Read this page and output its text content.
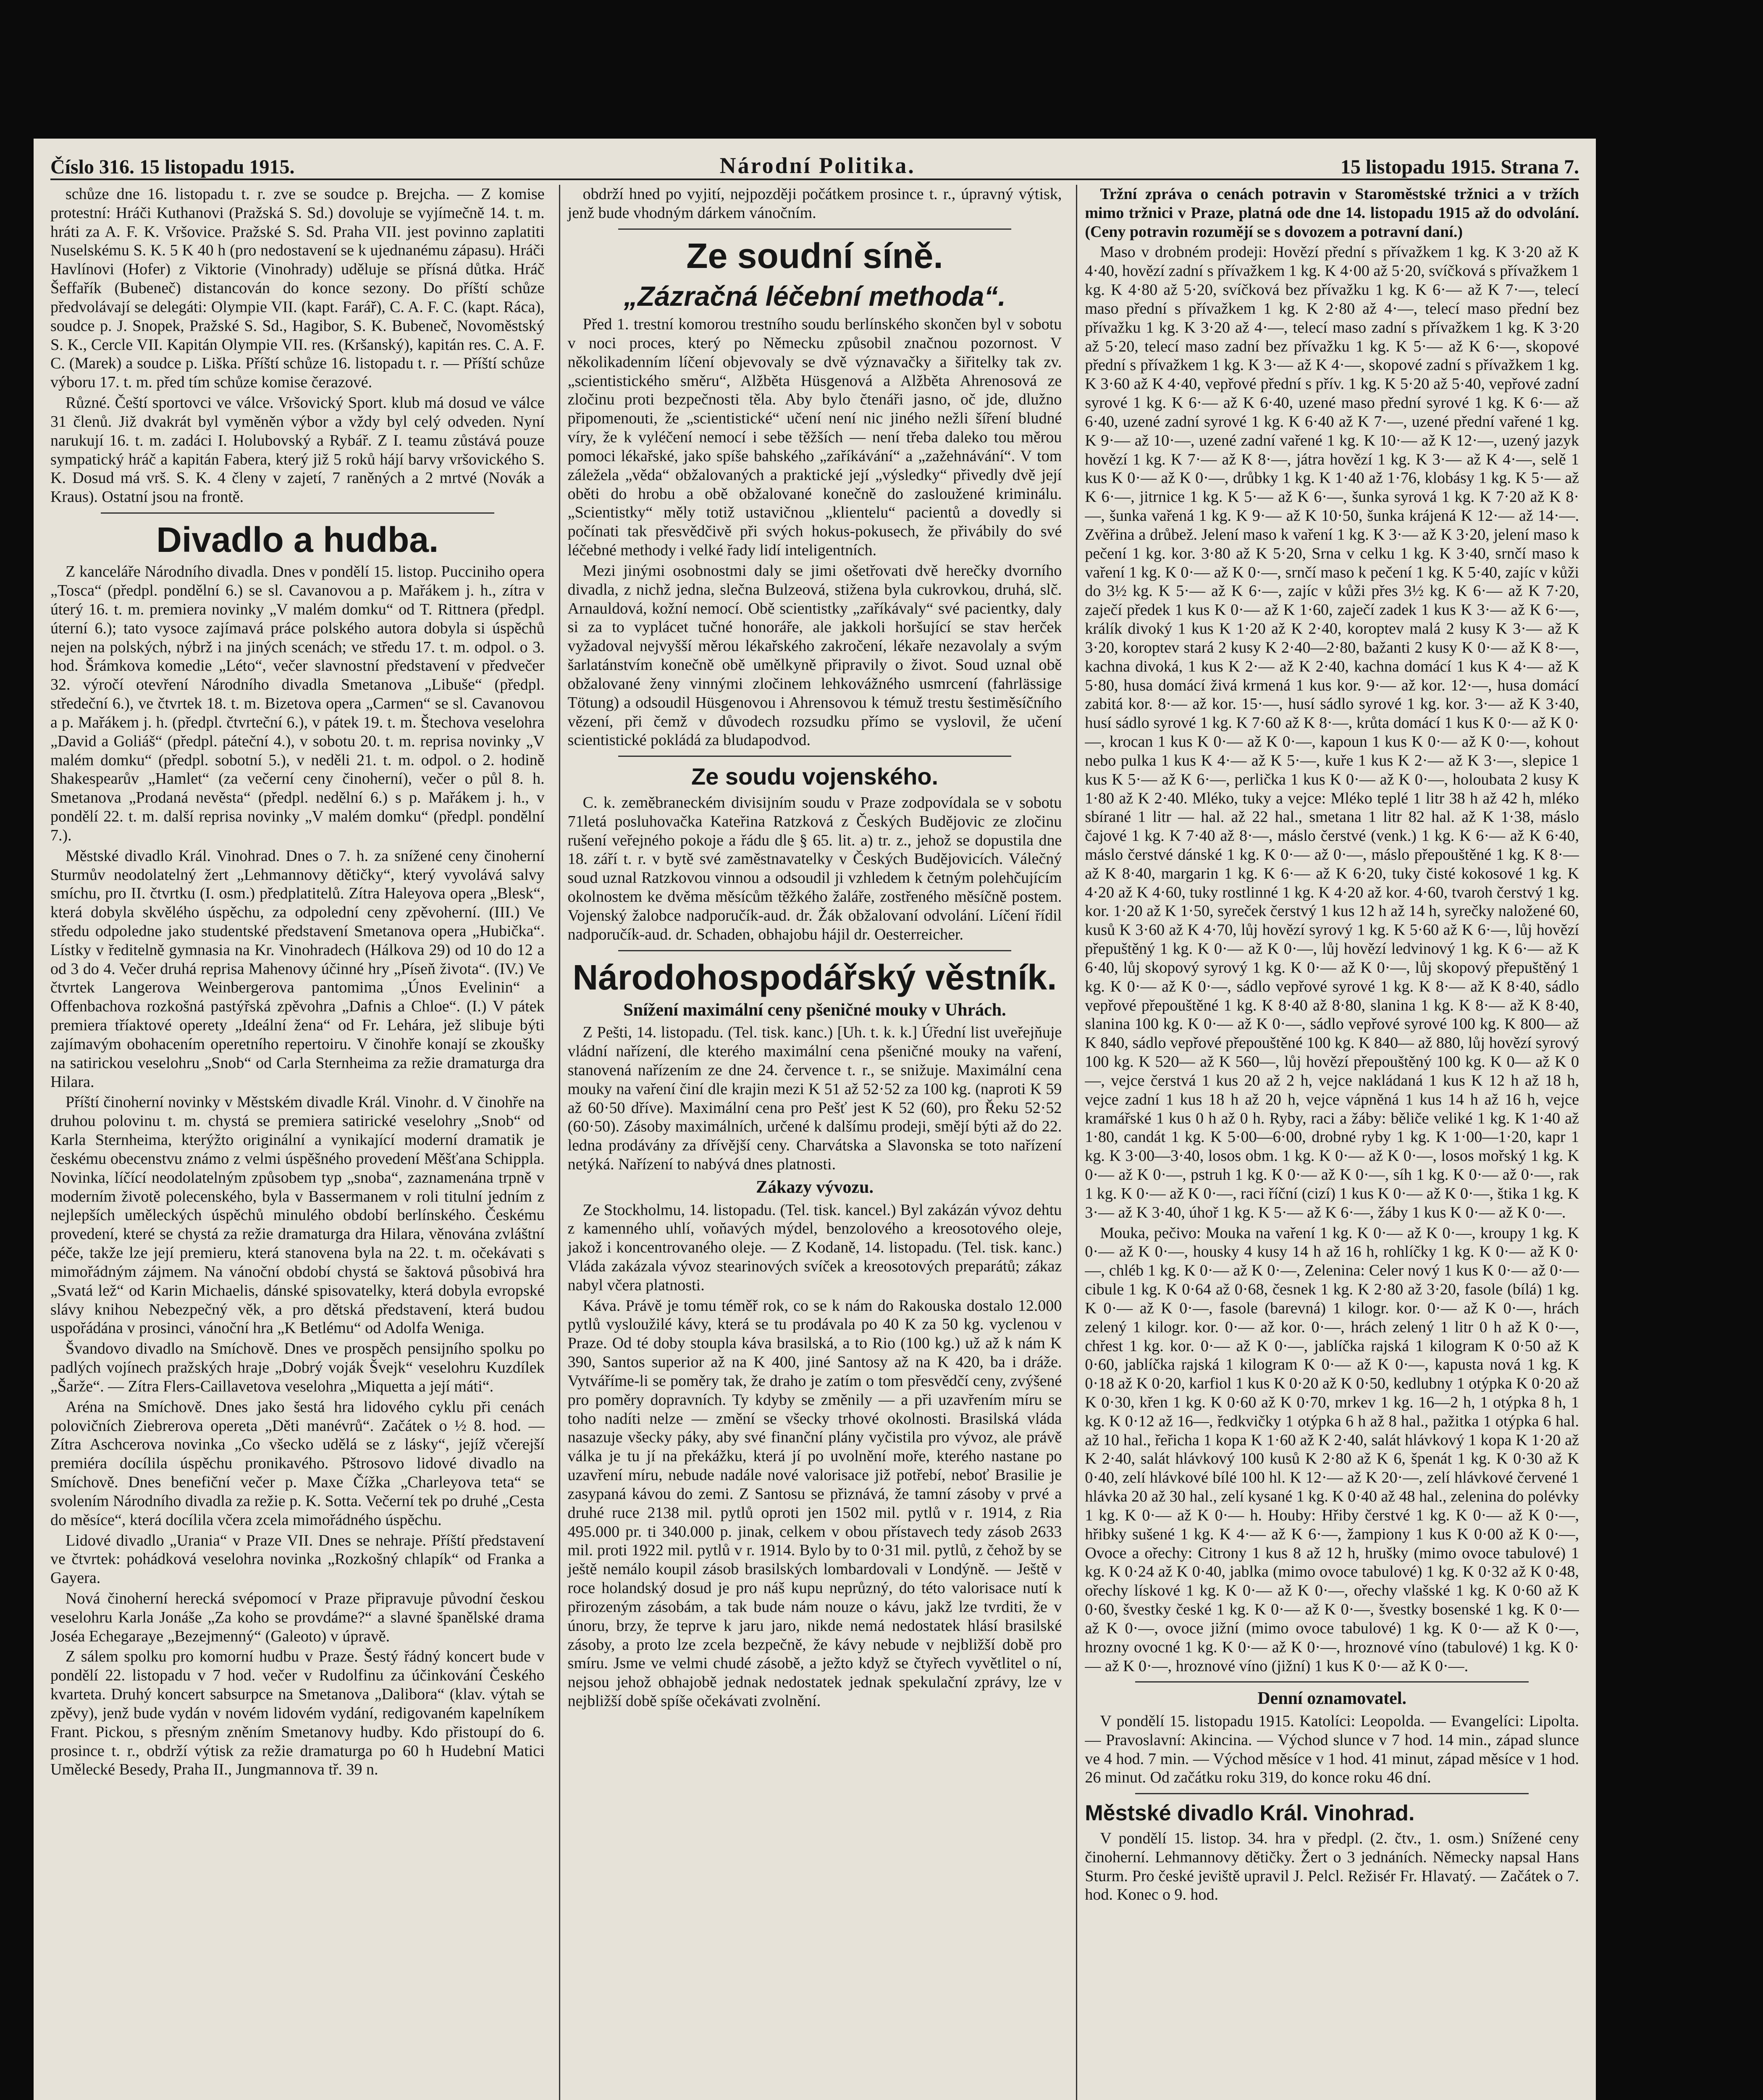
Číslo 316. 15 listopadu 1915.	Národní Politika.	15 listopadu 1915. Strana 7.

schůze dne 16. listopadu t. r. zve se soudce p. Brejcha. — Z komise protestní: Hráči Kuthanovi (Pražská S. Sd.) dovoluje se vyjímečně 14. t. m. hráti za A. F. K. Vršovice. Pražské S. Sd. Praha VII. jest povinno zaplatiti Nuselskému S. K. 5 K 40 h (pro nedostavení se k ujednanému zápasu). Hráči Havlínovi (Hofer) z Viktorie (Vinohrady) uděluje se přísná důtka. Hráč Šeffařík (Bubeneč) distancován do konce sezony. Do příští schůze předvolávají se delegáti: Olympie VII. (kapt. Farář), C. A. F. C. (kapt. Ráca), soudce p. J. Snopek, Pražské S. Sd., Hagibor, S. K. Bubeneč, Novoměstský S. K., Cercle VII. Kapitán Olympie VII. res. (Kršanský), kapitán res. C. A. F. C. (Marek) a soudce p. Liška. Příští schůze 16. listopadu t. r. — Příští schůze výboru 17. t. m. před tím schůze komise čerazové.

Různé. Čeští sportovci ve válce. Vršovický Sport. klub má dosud ve válce 31 členů. Již dvakrát byl vyměněn výbor a vždy byl celý odveden. Nyní narukují 16. t. m. zadáci I. Holubovský a Rybář. Z I. teamu zůstává pouze sympatický hráč a kapitán Fabera, který již 5 roků hájí barvy vršovického S. K. Dosud má vrš. S. K. 4 členy v zajetí, 7 raněných a 2 mrtvé (Novák a Kraus). Ostatní jsou na frontě.

Divadlo a hudba.

Z kanceláře Národního divadla. Dnes v pondělí 15. listop. Pucciniho opera „Tosca“ (předpl. pondělní 6.) se sl. Cavanovou a p. Mařákem j. h., zítra v úterý 16. t. m. premiera novinky „V malém domku“ od T. Rittnera (předpl. úterní 6.); tato vysoce zajímavá práce polského autora dobyla si úspěchů nejen na polských, nýbrž i na jiných scenách; ve středu 17. t. m. odpol. o 3. hod. Šrámkova komedie „Léto“, večer slavnostní představení v předvečer 32. výročí otevření Národního divadla Smetanova „Libuše“ (předpl. středeční 6.), ve čtvrtek 18. t. m. Bizetova opera „Carmen“ se sl. Cavanovou a p. Mařákem j. h. (předpl. čtvrteční 6.), v pátek 19. t. m. Štechova veselohra „David a Goliáš“ (předpl. páteční 4.), v sobotu 20. t. m. reprisa novinky „V malém domku“ (předpl. sobotní 5.), v neděli 21. t. m. odpol. o 2. hodině Shakespearův „Hamlet“ (za večerní ceny činoherní), večer o půl 8. h. Smetanova „Prodaná nevěsta“ (předpl. nedělní 6.) s p. Mařákem j. h., v pondělí 22. t. m. další reprisa novinky „V malém domku“ (předpl. pondělní 7.).

Městské divadlo Král. Vinohrad. Dnes o 7. h. za snížené ceny činoherní Sturmův neodolatelný žert „Lehmannovy dětičky“, který vyvolává salvy smíchu, pro II. čtvrtku (I. osm.) předplatitelů. Zítra Haleyova opera „Blesk“, která dobyla skvělého úspěchu, za odpolední ceny zpěvoherní. (III.) Ve středu odpoledne jako studentské představení Smetanova opera „Hubička“. Lístky v ředitelně gymnasia na Kr. Vinohradech (Hálkova 29) od 10 do 12 a od 3 do 4. Večer druhá reprisa Mahenovy účinné hry „Píseň života“. (IV.) Ve čtvrtek Langerova Weinbergerova pantomima „Únos Evelinin“ a Offenbachova rozkošná pastýřská zpěvohra „Dafnis a Chloe“. (I.) V pátek premiera tříaktové operety „Ideální žena“ od Fr. Lehára, jež slibuje býti zajímavým obohacením operetního repertoiru. V činohře konají se zkoušky na satirickou veselohru „Snob“ od Carla Sternheima za režie dramaturga dra Hilara.

Příští činoherní novinky v Městském divadle Král. Vinohr. d. V činohře na druhou polovinu t. m. chystá se premiera satirické veselohry „Snob“ od Karla Sternheima, kterýžto originální a vynikající moderní dramatik je českému obecenstvu známo z velmi úspěšného provedení Měšťana Schippla. Novinka, líčící neodolatelným způsobem typ „snoba“, zaznamenána trpně v moderním životě polecenského, byla v Bassermanem v roli titulní jedním z nejlepších uměleckých úspěchů minulého období berlínského. Českému provedení, které se chystá za režie dramaturga dra Hilara, věnována zvláštní péče, takže lze její premieru, která stanovena byla na 22. t. m. očekávati s mimořádným zájmem. Na vánoční období chystá se šaktová působivá hra „Svatá lež“ od Karin Michaelis, dánské spisovatelky, která dobyla evropské slávy knihou Nebezpečný věk, a pro dětská představení, která budou uspořádána v prosinci, vánoční hra „K Betlému“ od Adolfa Weniga.

Švandovo divadlo na Smíchově. Dnes ve prospěch pensijního spolku po padlých vojínech pražských hraje „Dobrý voják Švejk“ veselohru Kuzdílek „Šarže“. — Zítra Flers-Caillavetova veselohra „Miquetta a její máti“.

Aréna na Smíchově. Dnes jako šestá hra lidového cyklu při cenách polovičních Ziebrerova opereta „Děti manévrů“. Začátek o ½ 8. hod. — Zítra Aschcerova novinka „Co všecko udělá se z lásky“, jejíž včerejší premiéra docílila úspěchu pronikavého. Pštrosovo lidové divadlo na Smíchově. Dnes benefiční večer p. Maxe Čížka „Charleyova teta“ se svolením Národního divadla za režie p. K. Sotta. Večerní tek po druhé „Cesta do měsíce“, která docílila včera zcela mimořádného úspěchu.

Lidové divadlo „Urania“ v Praze VII. Dnes se nehraje. Příští představení ve čtvrtek: pohádková veselohra novinka „Rozkošný chlapík“ od Franka a Gayera.

Nová činoherní herecká svépomocí v Praze připravuje původní českou veselohru Karla Jonáše „Za koho se provdáme?“ a slavné španělské drama Joséa Echegaraye „Bezejmenný“ (Galeoto) v úpravě.

Z sálem spolku pro komorní hudbu v Praze. Šestý řádný koncert bude v pondělí 22. listopadu v 7 hod. večer v Rudolfinu za účinkování Českého kvarteta. Druhý koncert sabsurpce na Smetanova „Dalibora“ (klav. výtah se zpěvy), jenž bude vydán v novém lidovém vydání, redigovaném kapelníkem Frant. Pickou, s přesným zněním Smetanovy hudby. Kdo přistoupí do 6. prosince t. r., obdrží výtisk za režie dramaturga po 60 h Hudební Matici Umělecké Besedy, Praha II., Jungmannova tř. 39 n.

obdrží hned po vyjití, nejpozději počátkem prosince t. r., úpravný výtisk, jenž bude vhodným dárkem vánočním.

Ze soudní síně.
„Zázračná léčební methoda“.

Před 1. trestní komorou trestního soudu berlínského skončen byl v sobotu v noci proces, který po Německu způsobil značnou pozornost. V několikadenním líčení objevovaly se dvě význavačky a šiřitelky tak zv. „scientistického směru“, Alžběta Hüsgenová a Alžběta Ahrenosová ze zločinu proti bezpečnosti těla. Aby bylo čtenáři jasno, oč jde, dlužno připomenouti, že „scientistické“ učení není nic jiného nežli šíření bludné víry, že k vyléčení nemocí i sebe těžších — není třeba daleko tou měrou pomoci lékařské, jako spíše bahského „zaříkávání“ a „zažehnávání“. V tom záležela „věda“ obžalovaných a praktické její „výsledky“ přivedly dvě její oběti do hrobu a obě obžalované konečně do zasloužené kriminálu. „Scientistky“ měly totiž ustavičnou „klientelu“ pacientů a dovedly si počínati tak přesvědčivě při svých hokus-pokusech, že přivábily do své léčebné methody i velké řady lidí inteligentních.

Mezi jinými osobnostmi daly se jimi ošetřovati dvě herečky dvorního divadla, z nichž jedna, slečna Bulzeová, stižena byla cukrovkou, druhá, slč. Arnauldová, kožní nemocí. Obě scientistky „zaříkávaly“ své pacientky, daly si za to vyplácet tučné honoráře, ale jakkoli horšující se stav herček vyžadoval nejvyšší měrou lékařského zakročení, lékaře nezavolaly a svým šarlatánstvím konečně obě umělkyně připravily o život. Soud uznal obě obžalované ženy vinnými zločinem lehkovážného usmrcení (fahrlässige Tötung) a odsoudil Hüsgenovou i Ahrensovou k témuž trestu šestiměsíčního vězení, při čemž v důvodech rozsudku přímo se vyslovil, že učení scientistické pokládá za bludapodvod.

Ze soudu vojenského.

C. k. zeměbraneckém divisijním soudu v Praze zodpovídala se v sobotu 71letá posluhovačka Kateřina Ratzková z Českých Budějovic ze zločinu rušení veřejného pokoje a řádu dle § 65. lit. a) tr. z., jehož se dopustila dne 18. září t. r. v bytě své zaměstnavatelky v Českých Budějovicích. Válečný soud uznal Ratzkovou vinnou a odsoudil ji vzhledem k četným polehčujícím okolnostem ke dvěma měsícům těžkého žaláře, zostřeného měsíčně postem. Vojenský žalobce nadporučík-aud. dr. Žák obžalovaní odvolání. Líčení řídil nadporučík-aud. dr. Schaden, obhajobu hájil dr. Oesterreicher.

Národohospodářský věstník.
Snížení maximální ceny pšeničné mouky v Uhrách.

Z Pešti, 14. listopadu. (Tel. tisk. kanc.) [Uh. t. k. k.] Úřední list uveřejňuje vládní nařízení, dle kterého maximální cena pšeničné mouky na vaření, stanovená nařízením ze dne 24. července t. r., se snižuje. Maximální cena mouky na vaření činí dle krajin mezi K 51 až 52·52 za 100 kg. (naproti K 59 až 60·50 dříve). Maximální cena pro Pešť jest K 52 (60), pro Řeku 52·52 (60·50). Zásoby maximálních, určené k dalšímu prodeji, smějí býti až do 22. ledna prodávány za dřívější ceny. Charvátska a Slavonska se toto nařízení netýká. Nařízení to nabývá dnes platnosti.

Zákazy vývozu.

Ze Stockholmu, 14. listopadu. (Tel. tisk. kancel.) Byl zakázán vývoz dehtu z kamenného uhlí, voňavých mýdel, benzolového a kreosotového oleje, jakož i koncentrovaného oleje. — Z Kodaně, 14. listopadu. (Tel. tisk. kanc.) Vláda zakázala vývoz stearinových svíček a kreosotových preparátů; zákaz nabyl včera platnosti.

Káva. Právě je tomu téměř rok, co se k nám do Rakouska dostalo 12.000 pytlů vysloužilé kávy, která se tu prodávala po 40 K za 50 kg. vyclenou v Praze. Od té doby stoupla káva brasilská, a to Rio (100 kg.) už až k nám K 390, Santos superior až na K 400, jiné Santosy až na K 420, ba i dráže. Vytváříme-li se poměry tak, že draho je zatím o tom přesvědčí ceny, zvýšené pro poměry dopravních. Ty kdyby se změnily — a při uzavřením míru se toho nadíti nelze — změní se všecky trhové okolnosti. Brasilská vláda nasazuje všecky páky, aby své finanční plány vyčistila pro vývoz, ale právě válka je tu jí na překážku, která jí po uvolnění moře, kterého nastane po uzavření míru, nebude nadále nové valorisace již potřebí, neboť Brasilie je zasypaná kávou do zemi. Z Santosu se přiznává, že tamní zásoby v prvé a druhé ruce 2138 mil. pytlů oproti jen 1502 mil. pytlů v r. 1914, z Ria 495.000 pr. ti 340.000 p. jinak, celkem v obou přístavech tedy zásob 2633 mil. proti 1922 mil. pytlů v r. 1914. Bylo by to 0·31 mil. pytlů, z čehož by se ještě nemálo koupil zásob brasilských lombardovali v Londýně. — Ještě v roce holandský dosud je pro náš kupu neprůzný, do této valorisace nutí k přirozeným zásobám, a tak bude nám nouze o kávu, jakž lze tvrditi, že v únoru, brzy, že teprve k jaru jaro, nikde nemá nedostatek hlásí brasilské zásoby, a proto lze zcela bezpečně, že kávy nebude v nejbližší době pro smíru. Jsme ve velmi chudé zásobě, a ježto když se čtyřech vyvětlitel o ní, nejsou jehož obhajobě jednak nedostatek jednak spekulační zprávy, lze v nejbližší době spíše očekávati zvolnění.

Tržní zpráva o cenách potravin v Staroměstské tržnici a v tržích mimo tržnici v Praze, platná ode dne 14. listopadu 1915 až do odvolání. (Ceny potravin rozumějí se s dovozem a potravní daní.)

Maso v drobném prodeji: Hovězí přední s přívažkem 1 kg. K 3·20 až K 4·40, hovězí zadní s přívažkem 1 kg. K 4·00 až 5·20, svíčková s přívažkem 1 kg. K 4·80 až 5·20, svíčková bez přívažku 1 kg. K 6·— až K 7·—, telecí maso přední s přívažkem 1 kg. K 2·80 až 4·—, telecí maso přední bez přívažku 1 kg. K 3·20 až 4·—, telecí maso zadní s přívažkem 1 kg. K 3·20 až 5·20, telecí maso zadní bez přívažku 1 kg. K 5·— až K 6·—, skopové přední s přívažkem 1 kg. K 3·— až K 4·—, skopové zadní s přívažkem 1 kg. K 3·60 až K 4·40, vepřové přední s přív. 1 kg. K 5·20 až 5·40, vepřové zadní syrové 1 kg. K 6·— až K 6·40, uzené maso přední syrové 1 kg. K 6·— až 6·40, uzené zadní syrové 1 kg. K 6·40 až K 7·—, uzené přední vařené 1 kg. K 9·— až 10·—, uzené zadní vařené 1 kg. K 10·— až K 12·—, uzený jazyk hovězí 1 kg. K 7·— až K 8·—, játra hovězí 1 kg. K 3·— až K 4·—, selě 1 kus K 0·— až K 0·—, drůbky 1 kg. K 1·40 až 1·76, klobásy 1 kg. K 5·— až K 6·—, jitrnice 1 kg. K 5·— až K 6·—, šunka syrová 1 kg. K 7·20 až K 8·—, šunka vařená 1 kg. K 9·— až K 10·50, šunka krájená K 12·— až 14·—. Zvěřina a drůbež. Jelení maso k vaření 1 kg. K 3·— až K 3·20, jelení maso k pečení 1 kg. kor. 3·80 až K 5·20, Srna v celku 1 kg. K 3·40, srnčí maso k vaření 1 kg. K 0·— až K 0·—, srnčí maso k pečení 1 kg. K 5·40, zajíc v kůži do 3½ kg. K 5·— až K 6·—, zajíc v kůži přes 3½ kg. K 6·— až K 7·20, zaječí předek 1 kus K 0·— až K 1·60, zaječí zadek 1 kus K 3·— až K 6·—, králík divoký 1 kus K 1·20 až K 2·40, koroptev malá 2 kusy K 3·— až K 3·20, koroptev stará 2 kusy K 2·40—2·80, bažanti 2 kusy K 0·— až K 8·—, kachna divoká, 1 kus K 2·— až K 2·40, kachna domácí 1 kus K 4·— až K 5·80, husa domácí živá krmená 1 kus kor. 9·— až kor. 12·—, husa domácí zabitá kor. 8·— až kor. 15·—, husí sádlo syrové 1 kg. kor. 3·— až K 3·40, husí sádlo syrové 1 kg. K 7·60 až K 8·—, krůta domácí 1 kus K 0·— až K 0·—, krocan 1 kus K 0·— až K 0·—, kapoun 1 kus K 0·— až K 0·—, kohout nebo pulka 1 kus K 4·— až K 5·—, kuře 1 kus K 2·— až K 3·—, slepice 1 kus K 5·— až K 6·—, perlička 1 kus K 0·— až K 0·—, holoubata 2 kusy K 1·80 až K 2·40. Mléko, tuky a vejce: Mléko teplé 1 litr 38 h až 42 h, mléko sbírané 1 litr — hal. až 22 hal., smetana 1 litr 82 hal. až K 1·38, máslo čajové 1 kg. K 7·40 až 8·—, máslo čerstvé (venk.) 1 kg. K 6·— až K 6·40, máslo čerstvé dánské 1 kg. K 0·— až 0·—, máslo přepouštěné 1 kg. K 8·— až K 8·40, margarin 1 kg. K 6·— až K 6·20, tuky čisté kokosové 1 kg. K 4·20 až K 4·60, tuky rostlinné 1 kg. K 4·20 až kor. 4·60, tvaroh čerstvý 1 kg. kor. 1·20 až K 1·50, syreček čerstvý 1 kus 12 h až 14 h, syrečky naložené 60, kusů K 3·60 až K 4·70, lůj hovězí syrový 1 kg. K 5·60 až K 6·—, lůj hovězí přepuštěný 1 kg. K 0·— až K 0·—, lůj hovězí ledvinový 1 kg. K 6·— až K 6·40, lůj skopový syrový 1 kg. K 0·— až K 0·—, lůj skopový přepuštěný 1 kg. K 0·— až K 0·—, sádlo vepřové syrové 1 kg. K 8·— až K 8·40, sádlo vepřové přepouštěné 1 kg. K 8·40 až 8·80, slanina 1 kg. K 8·— až K 8·40, slanina 100 kg. K 0·— až K 0·—, sádlo vepřové syrové 100 kg. K 800— až K 840, sádlo vepřové přepouštěné 100 kg. K 840— až 880, lůj hovězí syrový 100 kg. K 520— až K 560—, lůj hovězí přepouštěný 100 kg. K 0— až K 0—, vejce čerstvá 1 kus 20 až 2 h, vejce nakládaná 1 kus K 12 h až 18 h, vejce zadní 1 kus 18 h až 20 h, vejce vápněná 1 kus 14 h až 16 h, vejce kramářské 1 kus 0 h až 0 h. Ryby, raci a žáby: běliče veliké 1 kg. K 1·40 až 1·80, candát 1 kg. K 5·00—6·00, drobné ryby 1 kg. K 1·00—1·20, kapr 1 kg. K 3·00—3·40, losos obm. 1 kg. K 0·— až K 0·—, losos mořský 1 kg. K 0·— až K 0·—, pstruh 1 kg. K 0·— až K 0·—, síh 1 kg. K 0·— až 0·—, rak 1 kg. K 0·— až K 0·—, raci říční (cizí) 1 kus K 0·— až K 0·—, štika 1 kg. K 3·— až K 3·40, úhoř 1 kg. K 5·— až K 6·—, žáby 1 kus K 0·— až K 0·—.

Mouka, pečivo: Mouka na vaření 1 kg. K 0·— až K 0·—, kroupy 1 kg. K 0·— až K 0·—, housky 4 kusy 14 h až 16 h, rohlíčky 1 kg. K 0·— až K 0·—, chléb 1 kg. K 0·— až K 0·—, Zelenina: Celer nový 1 kus K 0·— až 0·— cibule 1 kg. K 0·64 až 0·68, česnek 1 kg. K 2·80 až 3·20, fasole (bílá) 1 kg. K 0·— až K 0·—, fasole (barevná) 1 kilogr. kor. 0·— až K 0·—, hrách zelený 1 kilogr. kor. 0·— až kor. 0·—, hrách zelený 1 litr 0 h až K 0·—, chřest 1 kg. kor. 0·— až K 0·—, jablíčka rajská 1 kilogram K 0·50 až K 0·60, jablíčka rajská 1 kilogram K 0·— až K 0·—, kapusta nová 1 kg. K 0·18 až K 0·20, karfiol 1 kus K 0·20 až K 0·50, kedlubny 1 otýpka K 0·20 až K 0·30, křen 1 kg. K 0·60 až K 0·70, mrkev 1 kg. 16—2 h, 1 otýpka 8 h, 1 kg. K 0·12 až 16—, ředkvičky 1 otýpka 6 h až 8 hal., pažitka 1 otýpka 6 hal. až 10 hal., řeřicha 1 kopa K 1·60 až K 2·40, salát hlávkový 1 kopa K 1·20 až K 2·40, salát hlávkový 100 kusů K 2·80 až K 6, špenát 1 kg. K 0·30 až K 0·40, zelí hlávkové bílé 100 hl. K 12·— až K 20·—, zelí hlávkové červené 1 hlávka 20 až 30 hal., zelí kysané 1 kg. K 0·40 až 48 hal., zelenina do polévky 1 kg. K 0·— až K 0·— h. Houby: Hřiby čerstvé 1 kg. K 0·— až K 0·—, hřibky sušené 1 kg. K 4·— až K 6·—, žampiony 1 kus K 0·00 až K 0·—, Ovoce a ořechy: Citrony 1 kus 8 až 12 h, hrušky (mimo ovoce tabulové) 1 kg. K 0·24 až K 0·40, jablka (mimo ovoce tabulové) 1 kg. K 0·32 až K 0·48, ořechy lískové 1 kg. K 0·— až K 0·—, ořechy vlašské 1 kg. K 0·60 až K 0·60, švestky české 1 kg. K 0·— až K 0·—, švestky bosenské 1 kg. K 0·— až K 0·—, ovoce jižní (mimo ovoce tabulové) 1 kg. K 0·— až K 0·—, hrozny ovocné 1 kg. K 0·— až K 0·—, hroznové víno (tabulové) 1 kg. K 0·— až K 0·—, hroznové víno (jižní) 1 kus K 0·— až K 0·—.

Denní oznamovatel.

V pondělí 15. listopadu 1915. Katolíci: Leopolda. — Evangelíci: Lipolta. — Pravoslavní: Akincina. — Východ slunce v 7 hod. 14 min., západ slunce ve 4 hod. 7 min. — Východ měsíce v 1 hod. 41 minut, západ měsíce v 1 hod. 26 minut. Od začátku roku 319, do konce roku 46 dní.

Městské divadlo Král. Vinohrad.

V pondělí 15. listop. 34. hra v předpl. (2. čtv., 1. osm.) Snížené ceny činoherní. Lehmannovy dětičky. Žert o 3 jednáních. Německy napsal Hans Sturm. Pro české jeviště upravil J. Pelcl. Režisér Fr. Hlavatý. — Začátek o 7. hod. Konec o 9. hod.
